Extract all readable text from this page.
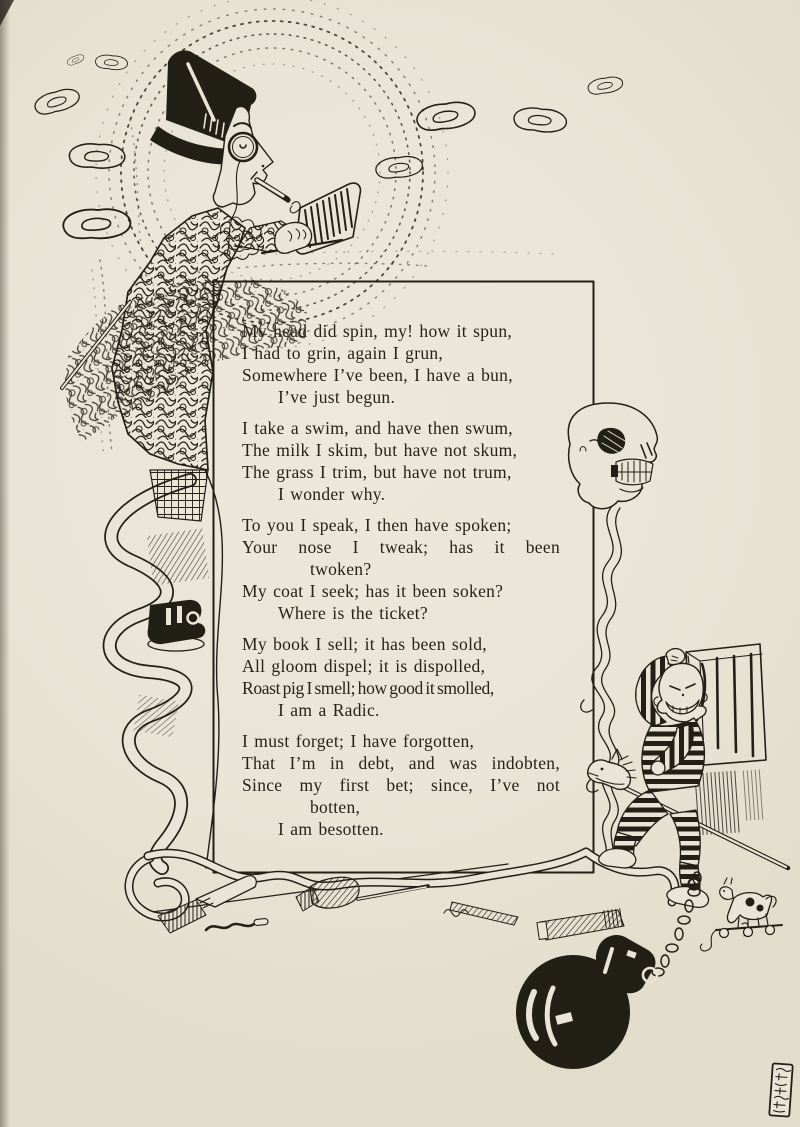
My head did spin, my! how it spun,
I had to grin, again I grun,
Somewhere I’ve been, I have a bun,
I’ve just begun.
I take a swim, and have then swum,
The milk I skim, but have not skum,
The grass I trim, but have not trum,
I wonder why.
To you I speak, I then have spoken;
Your nose I tweak; has it been
twoken?
My coat I seek; has it been soken?
Where is the ticket?
My book I sell; it has been sold,
All gloom dispel; it is dispolled,
Roast pig I smell; how good it smolled,
I am a Radic.
I must forget; I have forgotten,
That I’m in debt, and was indobten,
Since my first bet; since, I’ve not
botten,
I am besotten.
